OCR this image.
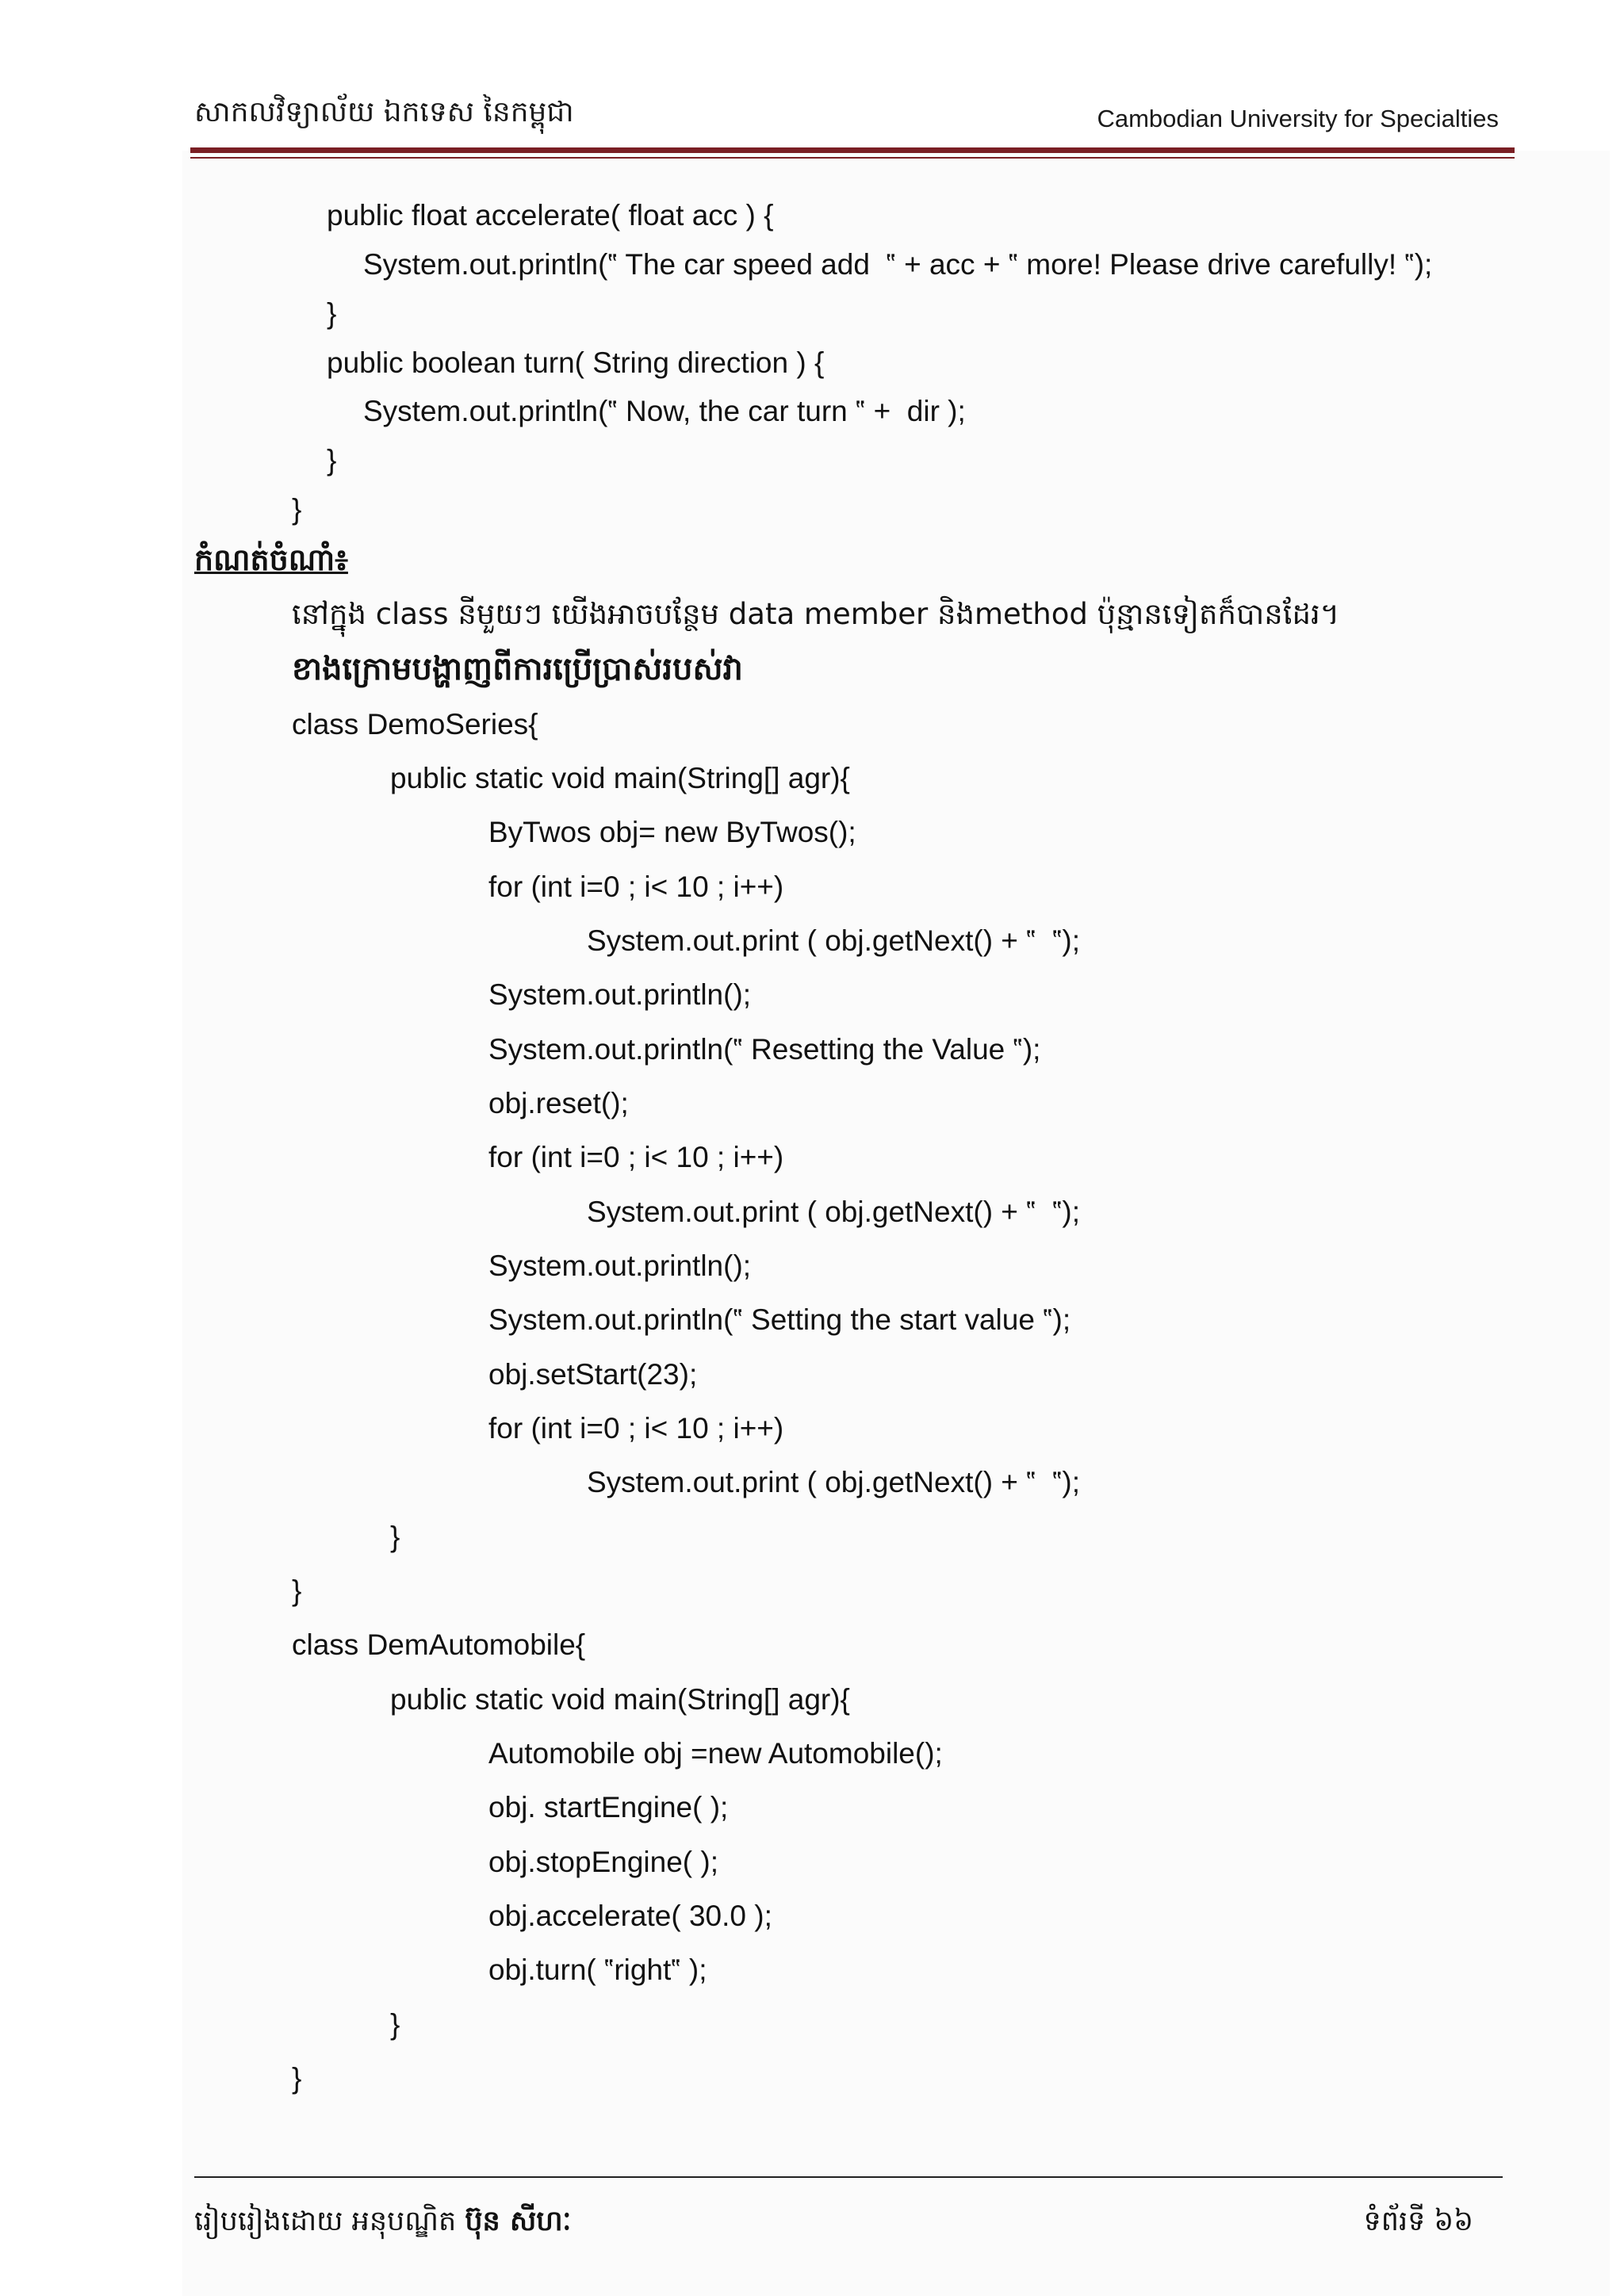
សាកលវិទ្យាល័យ ឯកទេស នៃកម្ពុជា	Cambodian University for Specialties
public float accelerate( float acc ) {
System.out.println(‟ The car speed add  ‟ + acc + ‟ more! Please drive carefully! ‟);
}
public boolean turn( String direction ) {
System.out.println(‟ Now, the car turn ‟ +  dir );
}
}
កំណត់ចំណាំ៖
នៅក្នុង class នីមួយៗ យើងអាចបន្ថែម data member និងmethod ប៉ុន្មានទៀតក៏បានដែរ។
ខាងក្រោមបង្ហាញពីការប្រើប្រាស់របស់វា
class DemoSeries{
public static void main(String[] agr){
ByTwos obj= new ByTwos();
for (int i=0 ; i< 10 ; i++)
System.out.print ( obj.getNext() + ‟  ‟);
System.out.println();
System.out.println(‟ Resetting the Value ‟);
obj.reset();
for (int i=0 ; i< 10 ; i++)
System.out.print ( obj.getNext() + ‟  ‟);
System.out.println();
System.out.println(‟ Setting the start value ‟);
obj.setStart(23);
for (int i=0 ; i< 10 ; i++)
System.out.print ( obj.getNext() + ‟  ‟);
}
}
class DemAutomobile{
public static void main(String[] agr){
Automobile obj =new Automobile();
obj. startEngine( );
obj.stopEngine( );
obj.accelerate( 30.0 );
obj.turn( ‟right‟ );
}
}
រៀបរៀងដោយ អនុបណ្ឌិត ប៊ុន សីហៈ	ទំព័រទី ៦៦
